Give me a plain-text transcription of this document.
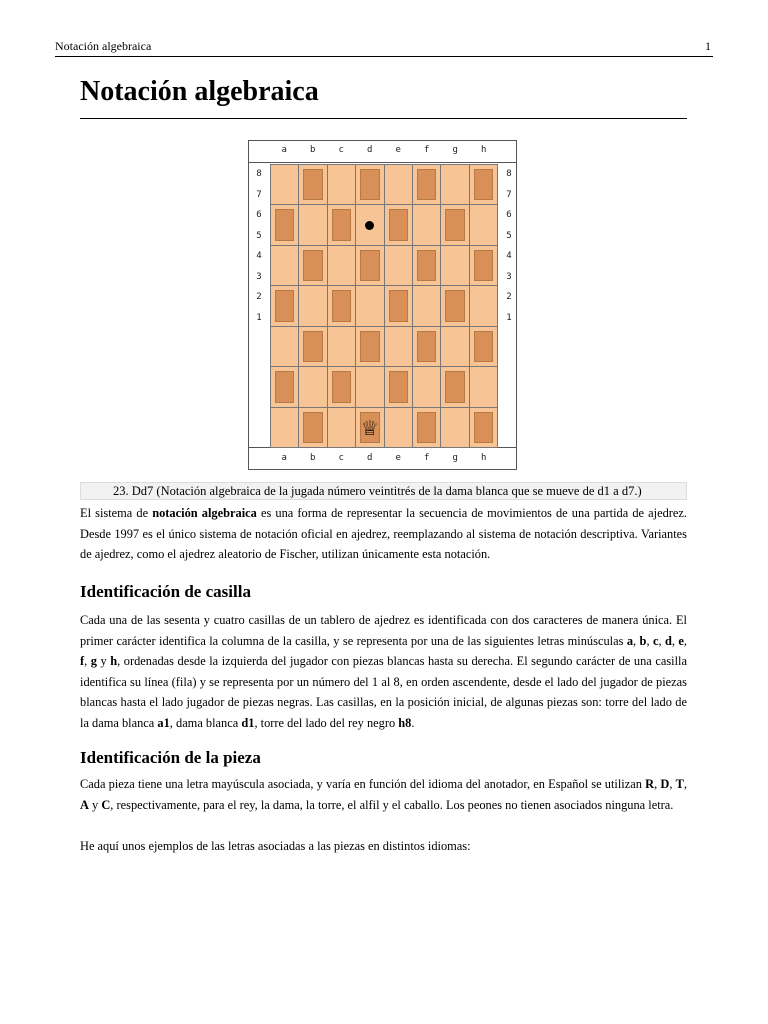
Notación algebraica	1
Notación algebraica
a	b	c	d	e	f	g	h
a	b	c	d	e	f	g	h
8
7
6
5
4
3
2
1
8
7
6
5
4
3
2
1
♕
23. Dd7 (Notación algebraica de la jugada número veintitrés de la dama blanca que se mueve de d1 a d7.)

El sistema de notación algebraica es una forma de representar la secuencia de movimientos de una partida de ajedrez. Desde 1997 es el único sistema de notación oficial en ajedrez, reemplazando al sistema de notación descriptiva. Variantes de ajedrez, como el ajedrez aleatorio de Fischer, utilizan únicamente esta notación.

Identificación de casilla

Cada una de las sesenta y cuatro casillas de un tablero de ajedrez es identificada con dos caracteres de manera única. El primer carácter identifica la columna de la casilla, y se representa por una de las siguientes letras minúsculas a, b, c, d, e, f, g y h, ordenadas desde la izquierda del jugador con piezas blancas hasta su derecha. El segundo carácter de una casilla identifica su línea (fila) y se representa por un número del 1 al 8, en orden ascendente, desde el lado del jugador de piezas blancas hasta el lado jugador de piezas negras. Las casillas, en la posición inicial, de algunas piezas son: torre del lado de la dama blanca a1, dama blanca d1, torre del lado del rey negro h8.

Identificación de la pieza

Cada pieza tiene una letra mayúscula asociada, y varía en función del idioma del anotador, en Español se utilizan R, D, T, A y C, respectivamente, para el rey, la dama, la torre, el alfil y el caballo. Los peones no tienen asociados ninguna letra.

He aquí unos ejemplos de las letras asociadas a las piezas en distintos idiomas:
